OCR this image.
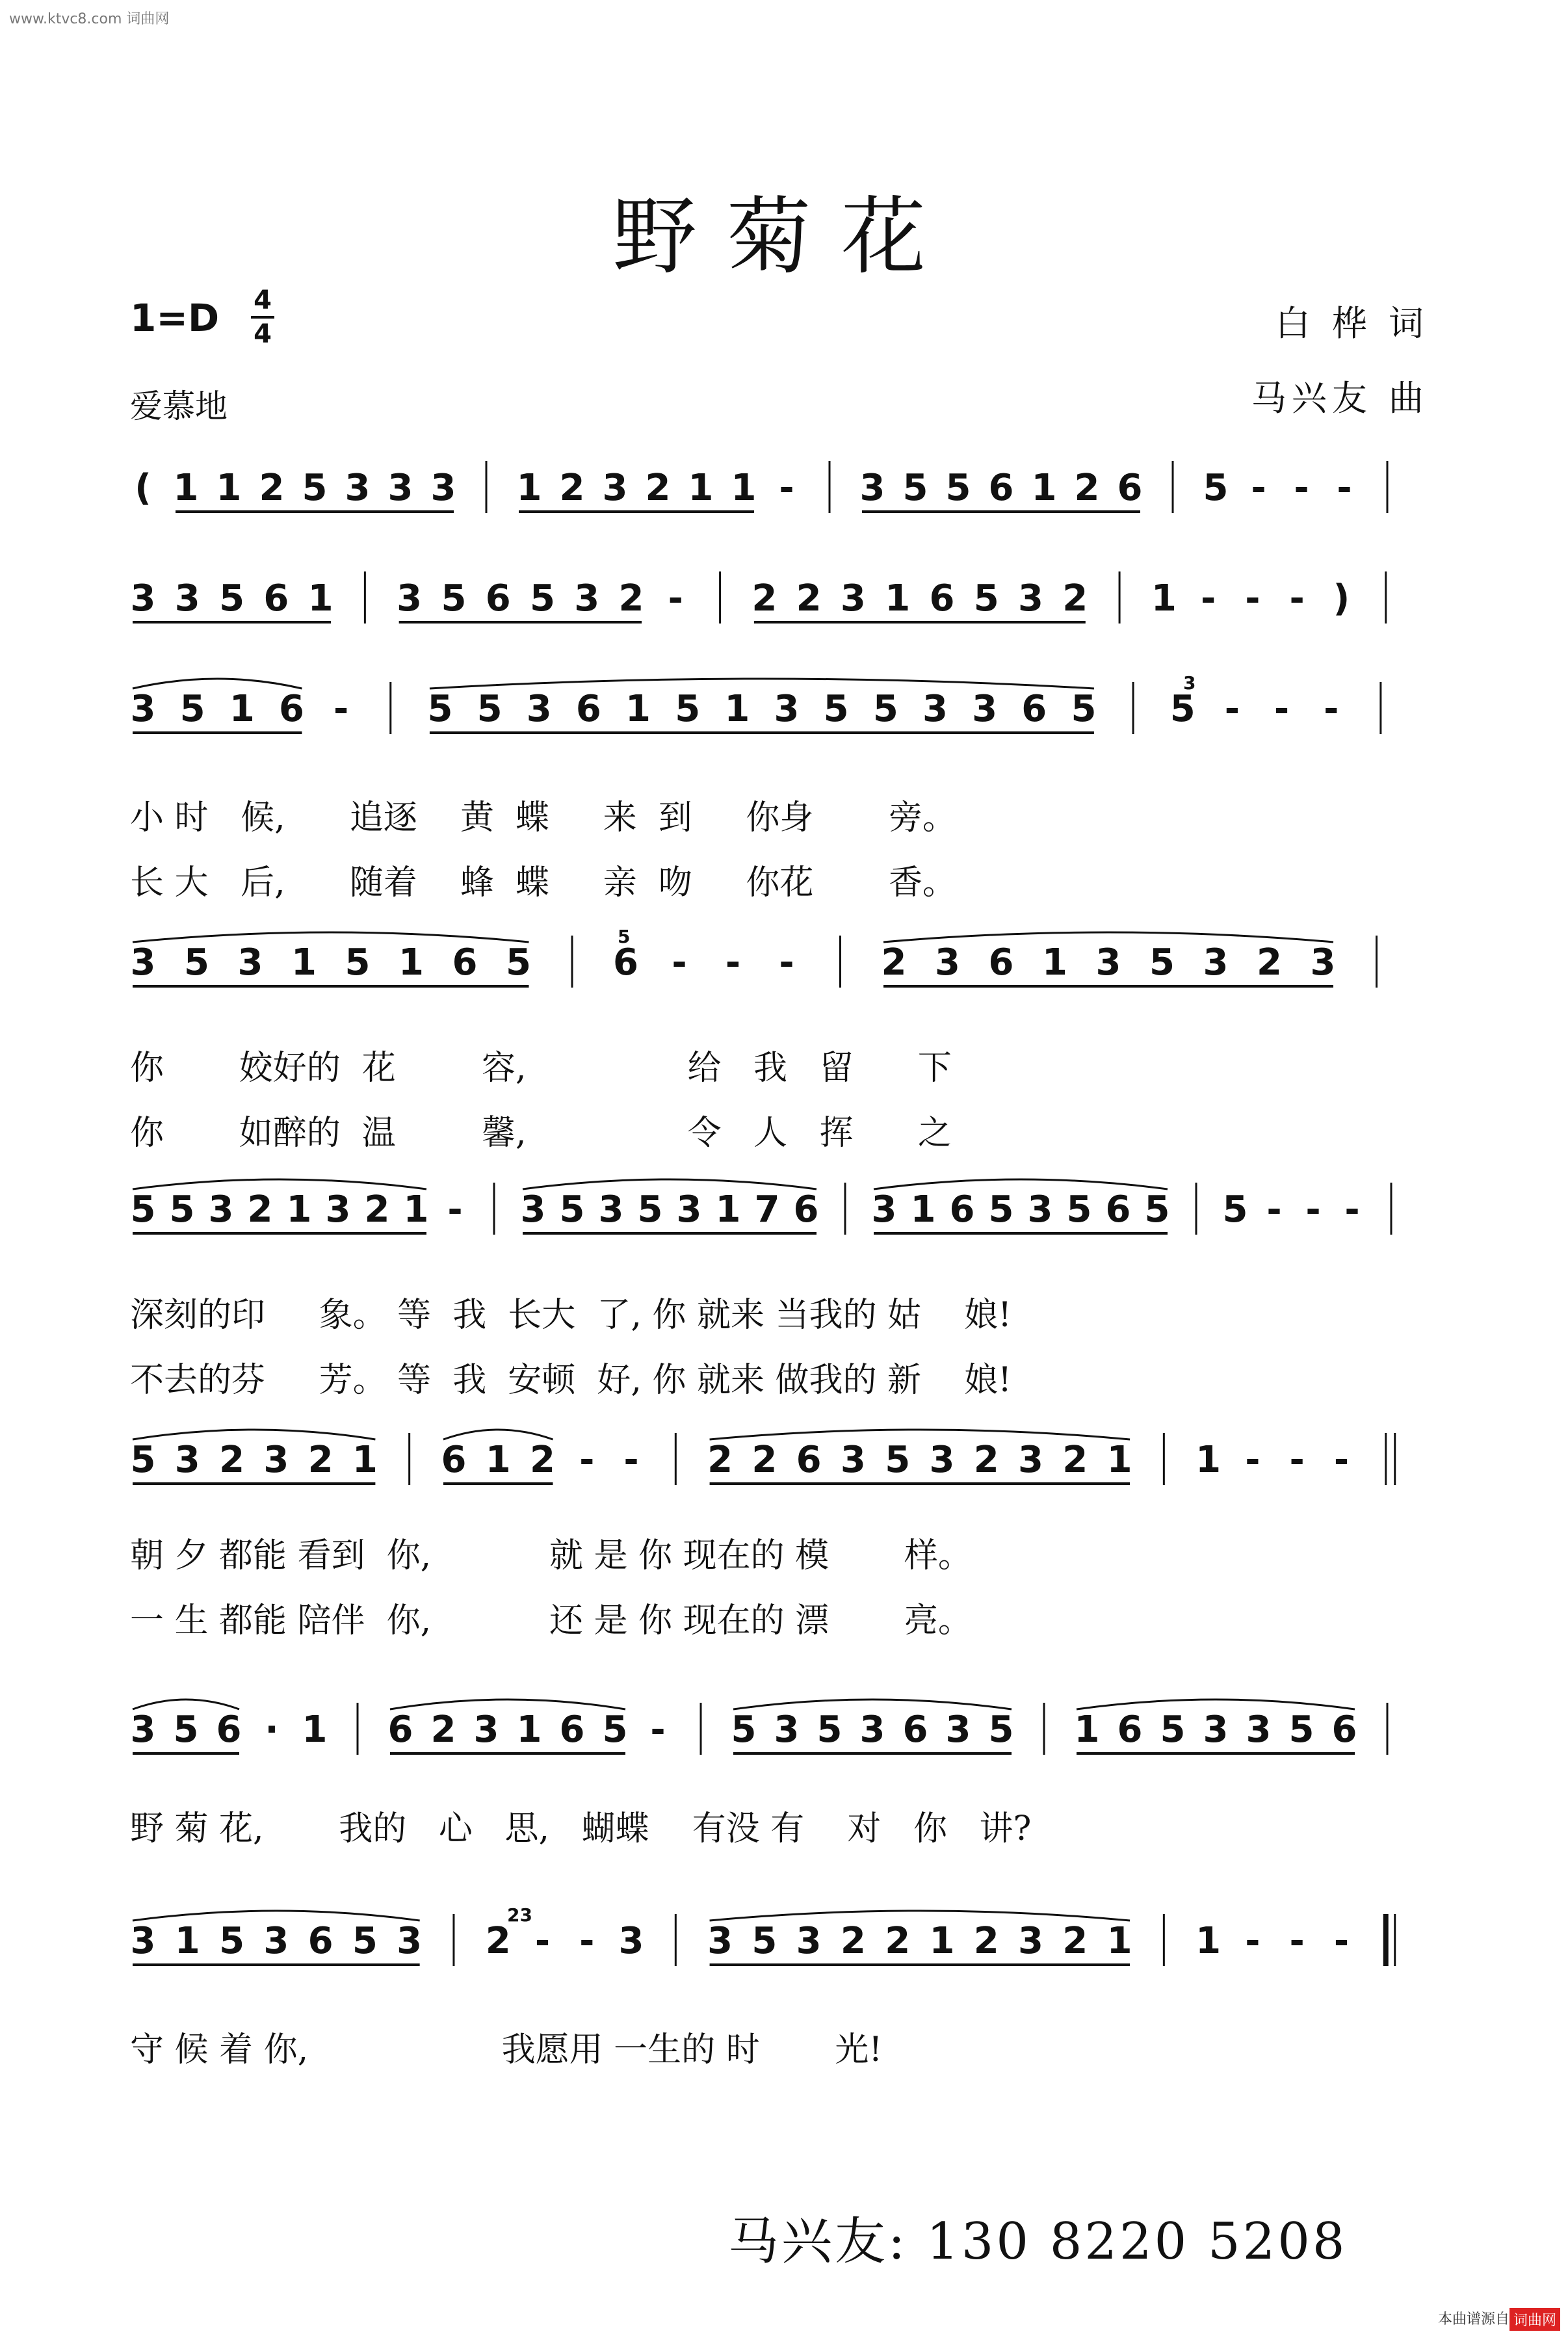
www.ktvc8.com 词曲网
野菊花
1=D 4
4
爱慕地
白 桦 词
马兴友 曲
( 1 1 2 5 3 3 3 1 2 3 2 1 1 - 3 5 5 6 1 2 6 5 - - -
3 3 5 6 1 3 5 6 5 3 2 - 2 2 3 1 6 5 3 2 1 - - - )
3 5 1 6 - 5 5 3 6 1 5 1 3 5 5 3 3 6 5 5 - - -
3
小 时   候,      追逐    黄  蝶     来  到     你身       旁。
长 大   后,      随着    蜂  蝶     亲  吻     你花       香。
3 5 3 1 5 1 6 5 6 - - - 2 3 6 1 3 5 3 2 3
5
你       姣好的  花        容,               给   我   留      下
你       如醉的  温        馨,               令   人   挥      之
5 5 3 2 1 3 2 1 - 3 5 3 5 3 1 7 6 3 1 6 5 3 5 6 5 5 - - -
深刻的印     象。 等  我  长大  了, 你 就来 当我的 姑    娘!
不去的芬     芳。 等  我  安顿  好, 你 就来 做我的 新    娘!
5 3 2 3 2 1 6 1 2 - - 2 2 6 3 5 3 2 3 2 1 1 - - -
朝 夕 都能 看到  你,           就 是 你 现在的 模       样。
一 生 都能 陪伴  你,           还 是 你 现在的 漂       亮。
3 5 6 · 1 6 2 3 1 6 5 - 5 3 5 3 6 3 5 1 6 5 3 3 5 6
野 菊 花,       我的   心   思,   蝴蝶    有没 有    对   你   讲?
3 1 5 3 6 5 3 2 - - 3 3 5 3 2 2 1 2 3 2 1 1 - - -
23
守 候 着 你,                  我愿用 一生的 时       光!
马兴友: 130 8220 5208
本曲谱源自 词曲网
